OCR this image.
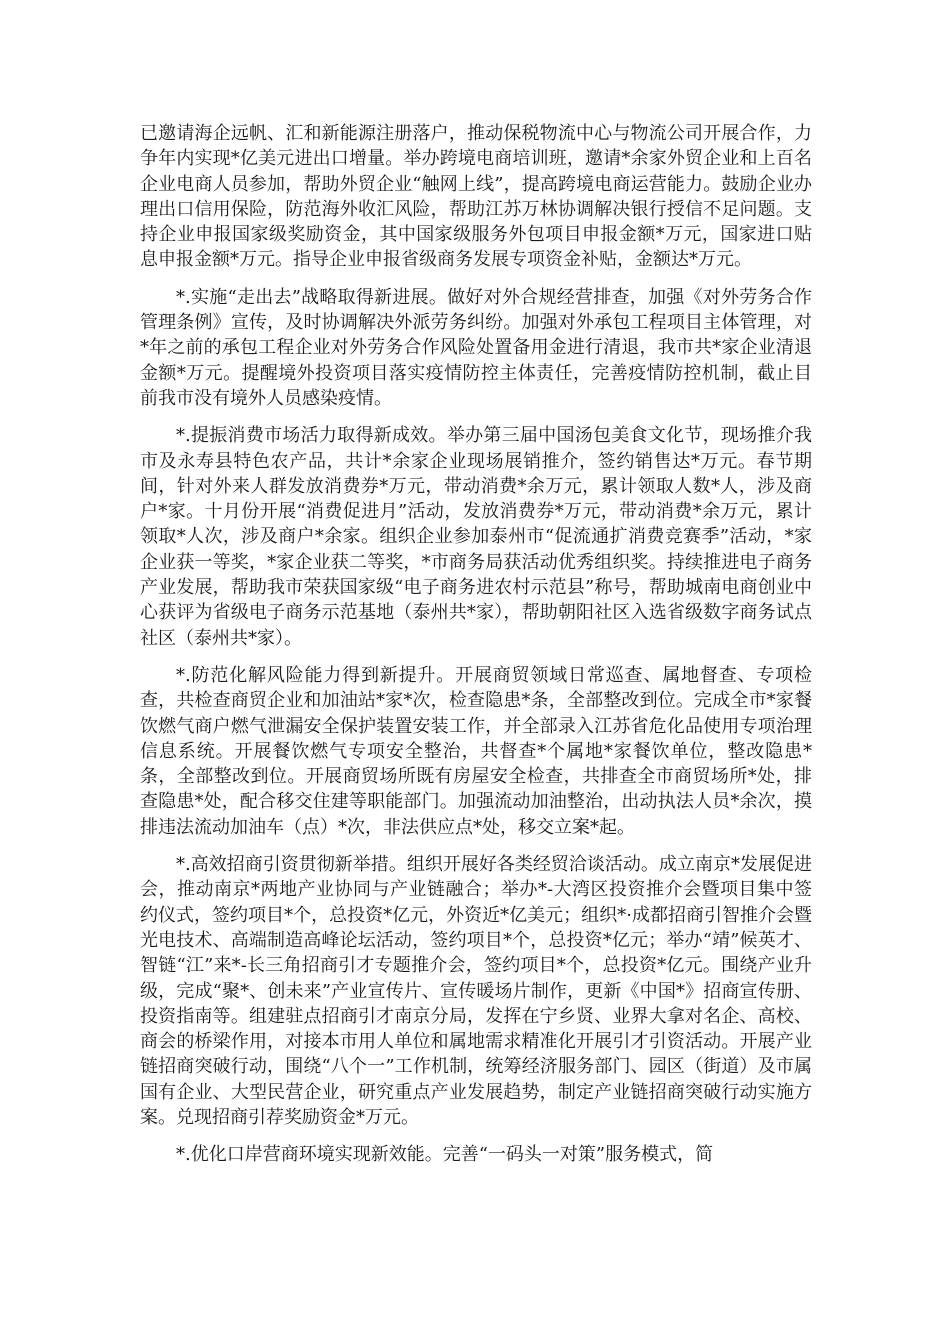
已邀请海企远帆、汇和新能源注册落户，推动保税物流中心与物流公司开展合作，力争年内实现*亿美元进出口增量。举办跨境电商培训班，邀请*余家外贸企业和上百名企业电商人员参加，帮助外贸企业“触网上线”，提高跨境电商运营能力。鼓励企业办理出口信用保险，防范海外收汇风险，帮助江苏万林协调解决银行授信不足问题。支持企业申报国家级奖励资金，其中国家级服务外包项目申报金额*万元，国家进口贴息申报金额*万元。指导企业申报省级商务发展专项资金补贴，金额达*万元。

*.实施“走出去”战略取得新进展。做好对外合规经营排查，加强《对外劳务合作管理条例》宣传，及时协调解决外派劳务纠纷。加强对外承包工程项目主体管理，对*年之前的承包工程企业对外劳务合作风险处置备用金进行清退，我市共*家企业清退金额*万元。提醒境外投资项目落实疫情防控主体责任，完善疫情防控机制，截止目前我市没有境外人员感染疫情。

*.提振消费市场活力取得新成效。举办第三届中国汤包美食文化节，现场推介我市及永寿县特色农产品，共计*余家企业现场展销推介，签约销售达*万元。春节期间，针对外来人群发放消费券*万元，带动消费*余万元，累计领取人数*人，涉及商户*家。十月份开展“消费促进月”活动，发放消费券*万元，带动消费*余万元，累计领取*人次，涉及商户*余家。组织企业参加泰州市“促流通扩消费竞赛季”活动，*家企业获一等奖，*家企业获二等奖，*市商务局获活动优秀组织奖。持续推进电子商务产业发展，帮助我市荣获国家级“电子商务进农村示范县”称号，帮助城南电商创业中心获评为省级电子商务示范基地（泰州共*家），帮助朝阳社区入选省级数字商务试点社区（泰州共*家）。

*.防范化解风险能力得到新提升。开展商贸领域日常巡查、属地督查、专项检查，共检查商贸企业和加油站*家*次，检查隐患*条，全部整改到位。完成全市*家餐饮燃气商户燃气泄漏安全保护装置安装工作，并全部录入江苏省危化品使用专项治理信息系统。开展餐饮燃气专项安全整治，共督查*个属地*家餐饮单位，整改隐患*条，全部整改到位。开展商贸场所既有房屋安全检查，共排查全市商贸场所*处，排查隐患*处，配合移交住建等职能部门。加强流动加油整治，出动执法人员*余次，摸排违法流动加油车（点）*次，非法供应点*处，移交立案*起。

*.高效招商引资贯彻新举措。组织开展好各类经贸洽谈活动。成立南京*发展促进会，推动南京*两地产业协同与产业链融合；举办*-大湾区投资推介会暨项目集中签约仪式，签约项目*个，总投资*亿元，外资近*亿美元；组织*·成都招商引智推介会暨光电技术、高端制造高峰论坛活动，签约项目*个，总投资*亿元；举办“靖”候英才、智链“江”来*-长三角招商引才专题推介会，签约项目*个，总投资*亿元。围绕产业升级，完成“聚*、创未来”产业宣传片、宣传暖场片制作，更新《中国*》招商宣传册、投资指南等。组建驻点招商引才南京分局，发挥在宁乡贤、业界大拿对名企、高校、商会的桥梁作用，对接本市用人单位和属地需求精准化开展引才引资活动。开展产业链招商突破行动，围绕“八个一”工作机制，统筹经济服务部门、园区（街道）及市属国有企业、大型民营企业，研究重点产业发展趋势，制定产业链招商突破行动实施方案。兑现招商引荐奖励资金*万元。

*.优化口岸营商环境实现新效能。完善“一码头一对策”服务模式，简
